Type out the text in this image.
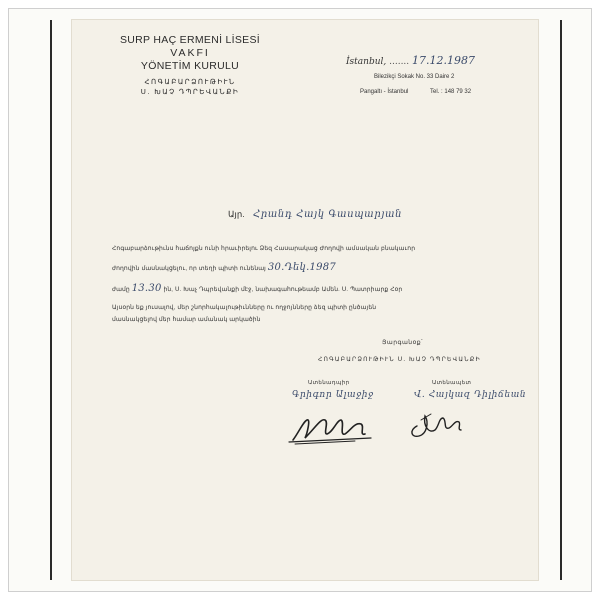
SURP HAÇ ERMENİ LİSESİ
VAKFI
YÖNETİM KURULU
ՀՈԳԱԲԱՐՁՈՒԹԻՒՆ
Ս. ԽԱՉ ԴՊՐԵՎԱՆՔԻ
İstanbul, ....... 17.12.1987
Bilezikçi Sokak No. 33 Daire 2
Pangaltı - İstanbul	Tel. : 148 79 32
Այր. Հրանդ Հայկ Գասպարյան
Հոգաբարձութիւնս հաճոյքն ունի հրաւիրելու Ձեզ Հասարակաց Ժողովի ամսական բնակաւոր
ժողովին մասնակցելու, որ տեղի պիտի ունենայ 30.Դեկ.1987
ժամը 13.30 ին, Ս. Խաչ Դպրեվանքի մէջ, նախագահութեամբ Ամեն. Ս. Պատրիարք Հօր
Այսօրն եք յուսալով, մեր շնորհակալութիւնները ու ողջոյնները ձեզ պիտի ընծայեն
մասնակցելով մեր համար ամանակ արկածին
Յարգանօք՝
ՀՈԳԱԲԱՐՁՈՒԹԻՒՆ Ս. ԽԱՉ ԴՊՐԵՎԱՆՔԻ
Ատենադպիր	Ատենապետ
Գրիգոր Ալաջիջ	Վ. Հայկազ Դիլիճեան
